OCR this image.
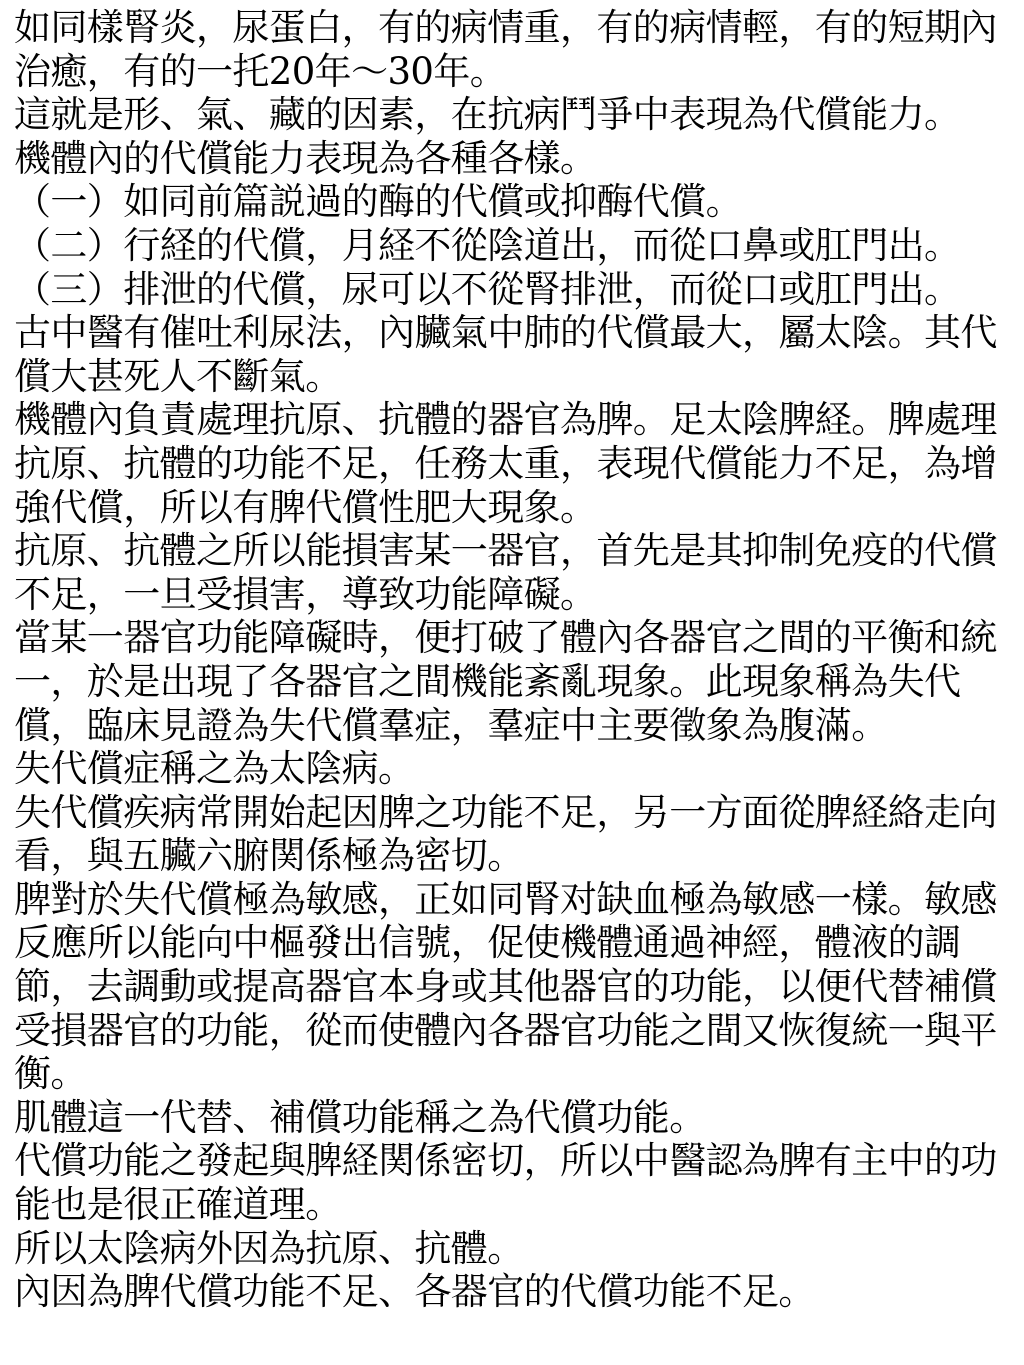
如同樣腎炎，尿蛋白，有的病情重，有的病情輕，有的短期內治癒，有的一托20年～30年。

這就是形、氣、藏的因素，在抗病鬥爭中表現為代償能力。

機體內的代償能力表現為各種各樣。

（一）如同前篇説過的酶的代償或抑酶代償。

（二）行経的代償，月経不從陰道出，而從口鼻或肛門出。

（三）排泄的代償，尿可以不從腎排泄，而從口或肛門出。

古中醫有催吐利尿法，內臟氣中肺的代償最大，屬太陰。其代償大甚死人不斷氣。

機體內負責處理抗原、抗體的器官為脾。足太陰脾経。脾處理抗原、抗體的功能不足，任務太重，表現代償能力不足，為增強代償，所以有脾代償性肥大現象。

抗原、抗體之所以能損害某一器官，首先是其抑制免疫的代償不足，一旦受損害，導致功能障礙。

當某一器官功能障礙時，便打破了體內各器官之間的平衡和統一，於是出現了各器官之間機能紊亂現象。此現象稱為失代償，臨床見證為失代償羣症，羣症中主要徵象為腹滿。

失代償症稱之為太陰病。

失代償疾病常開始起因脾之功能不足，另一方面從脾経絡走向看，與五臟六腑関係極為密切。

脾對於失代償極為敏感，正如同腎对缺血極為敏感一樣。敏感反應所以能向中樞發出信號，促使機體通過神經，體液的調節，去調動或提高器官本身或其他器官的功能，以便代替補償受損器官的功能，從而使體內各器官功能之間又恢復統一與平衡。

肌體這一代替、補償功能稱之為代償功能。

代償功能之發起與脾経関係密切，所以中醫認為脾有主中的功能也是很正確道理。

所以太陰病外因為抗原、抗體。

內因為脾代償功能不足、各器官的代償功能不足。
